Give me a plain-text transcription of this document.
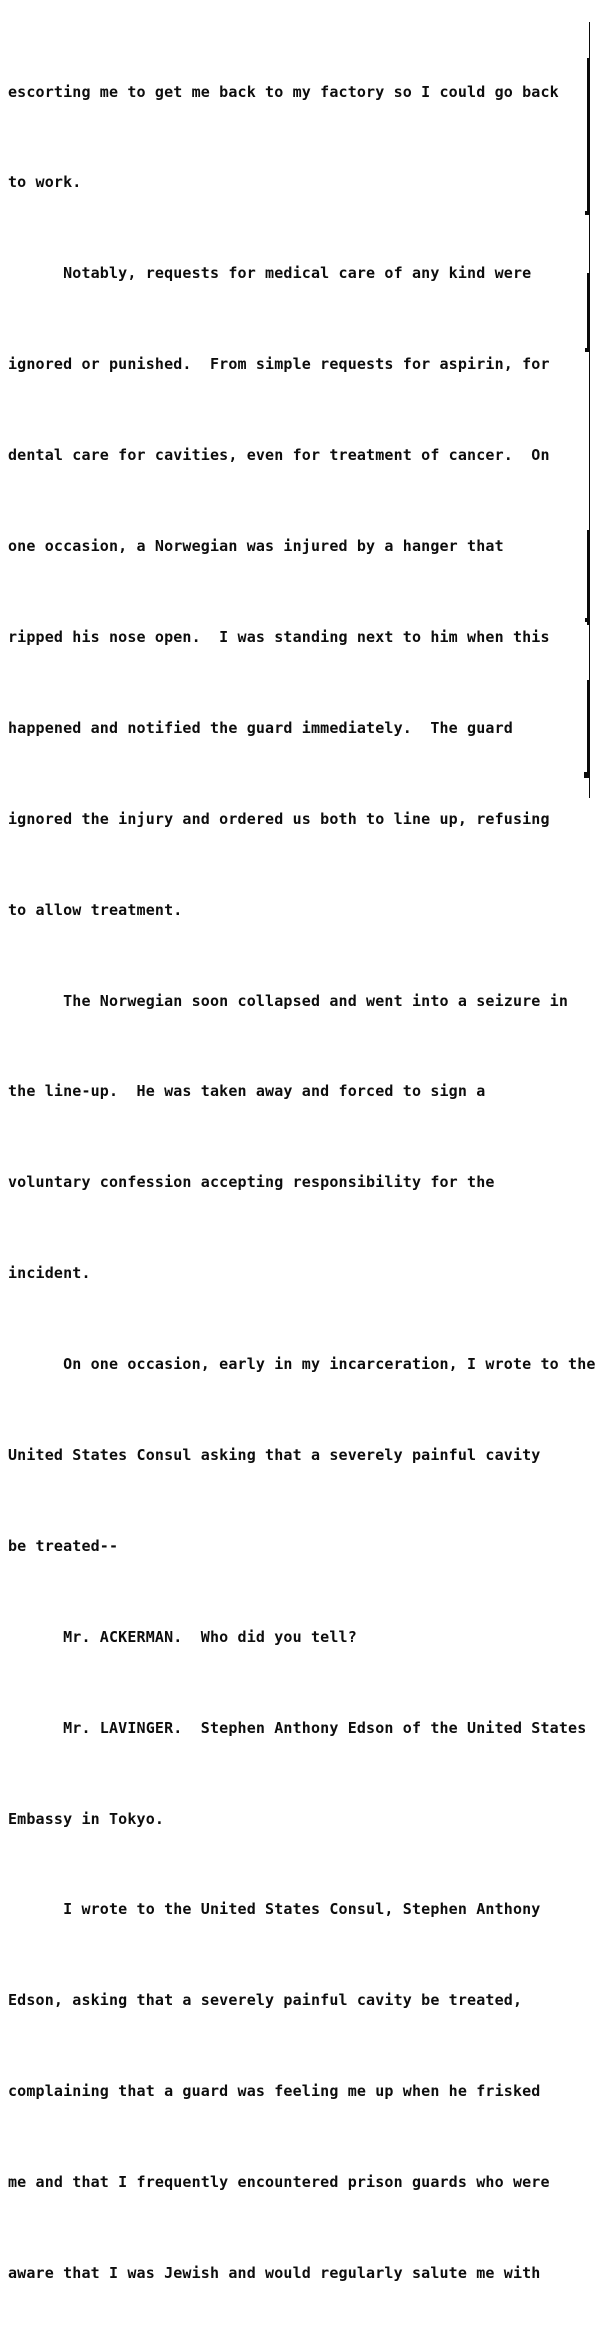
escorting me to get me back to my factory so I could go back

to work.

Notably, requests for medical care of any kind were

ignored or punished.  From simple requests for aspirin, for

dental care for cavities, even for treatment of cancer.  On

one occasion, a Norwegian was injured by a hanger that

ripped his nose open.  I was standing next to him when this

happened and notified the guard immediately.  The guard

ignored the injury and ordered us both to line up, refusing

to allow treatment.

The Norwegian soon collapsed and went into a seizure in

the line-up.  He was taken away and forced to sign a

voluntary confession accepting responsibility for the

incident.

On one occasion, early in my incarceration, I wrote to the

United States Consul asking that a severely painful cavity

be treated--

Mr. ACKERMAN.  Who did you tell?

Mr. LAVINGER.  Stephen Anthony Edson of the United States

Embassy in Tokyo.

I wrote to the United States Consul, Stephen Anthony

Edson, asking that a severely painful cavity be treated,

complaining that a guard was feeling me up when he frisked

me and that I frequently encountered prison guards who were

aware that I was Jewish and would regularly salute me with
